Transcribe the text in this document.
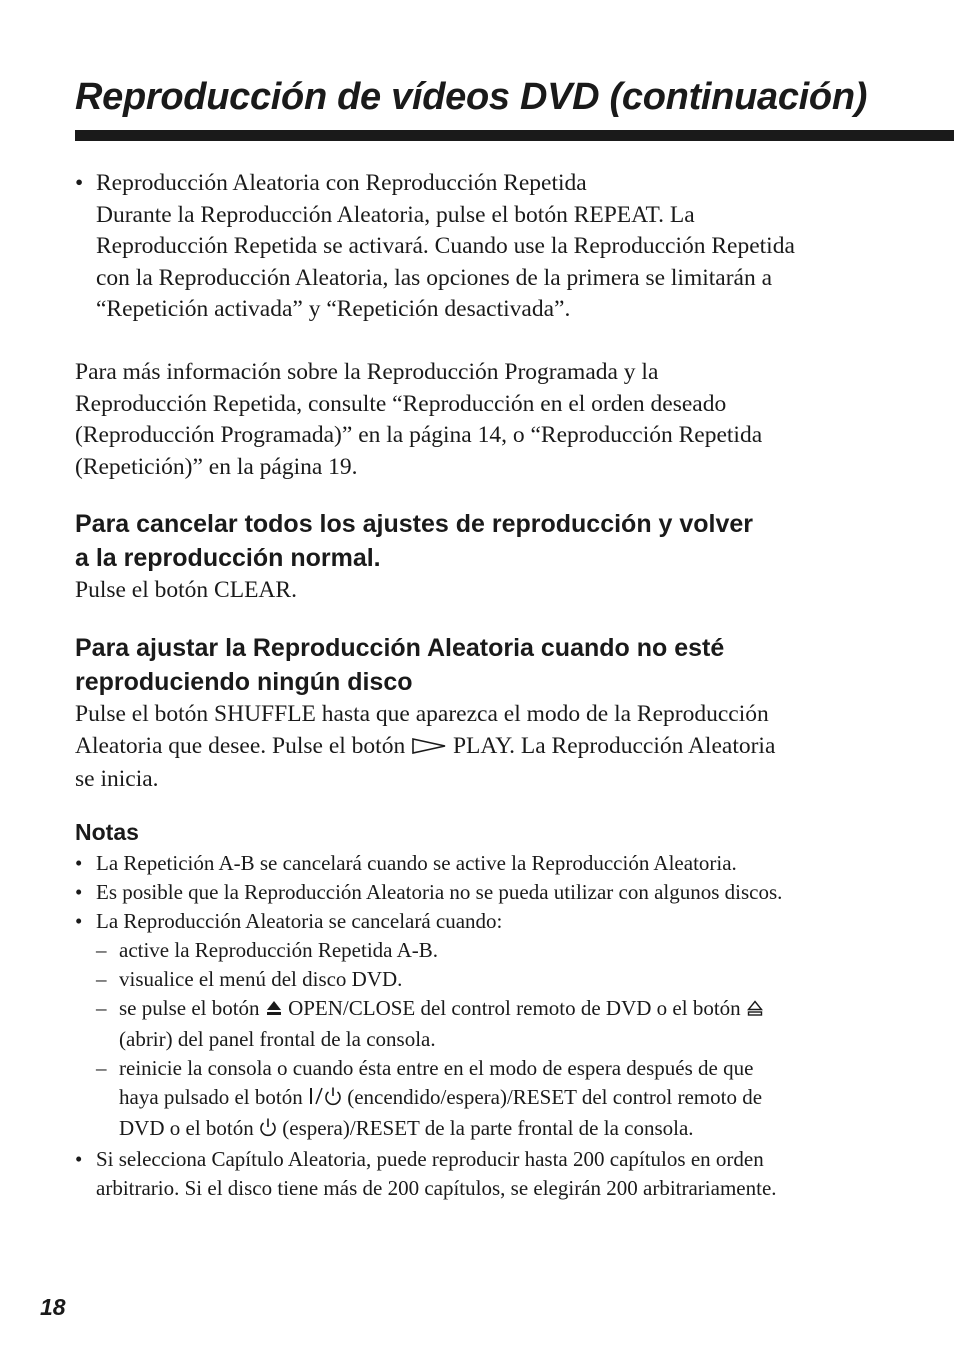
Reproducción de vídeos DVD (continuación)
• Reproducción Aleatoria con Reproducción Repetida
Durante la Reproducción Aleatoria, pulse el botón REPEAT. La
Reproducción Repetida se activará. Cuando use la Reproducción Repetida
con la Reproducción Aleatoria, las opciones de la primera se limitarán a
“Repetición activada” y “Repetición desactivada”.
Para más información sobre la Reproducción Programada y la
Reproducción Repetida, consulte “Reproducción en el orden deseado
(Reproducción Programada)” en la página 14, o “Reproducción Repetida
(Repetición)” en la página 19.
Para cancelar todos los ajustes de reproducción y volver
a la reproducción normal.
Pulse el botón CLEAR.
Para ajustar la Reproducción Aleatoria cuando no esté
reproduciendo ningún disco
Pulse el botón SHUFFLE hasta que aparezca el modo de la Reproducción
Aleatoria que desee. Pulse el botón PLAY. La Reproducción Aleatoria
se inicia.
Notas
• La Repetición A-B se cancelará cuando se active la Reproducción Aleatoria.
• Es posible que la Reproducción Aleatoria no se pueda utilizar con algunos discos.
• La Reproducción Aleatoria se cancelará cuando:
– active la Reproducción Repetida A-B.
– visualice el menú del disco DVD.
– se pulse el botón OPEN/CLOSE del control remoto de DVD o el botón
(abrir) del panel frontal de la consola.
– reinicie la consola o cuando ésta entre en el modo de espera después de que
haya pulsado el botón (encendido/espera)/RESET del control remoto de
DVD o el botón (espera)/RESET de la parte frontal de la consola.
• Si selecciona Capítulo Aleatoria, puede reproducir hasta 200 capítulos en orden
arbitrario. Si el disco tiene más de 200 capítulos, se elegirán 200 arbitrariamente.
18
